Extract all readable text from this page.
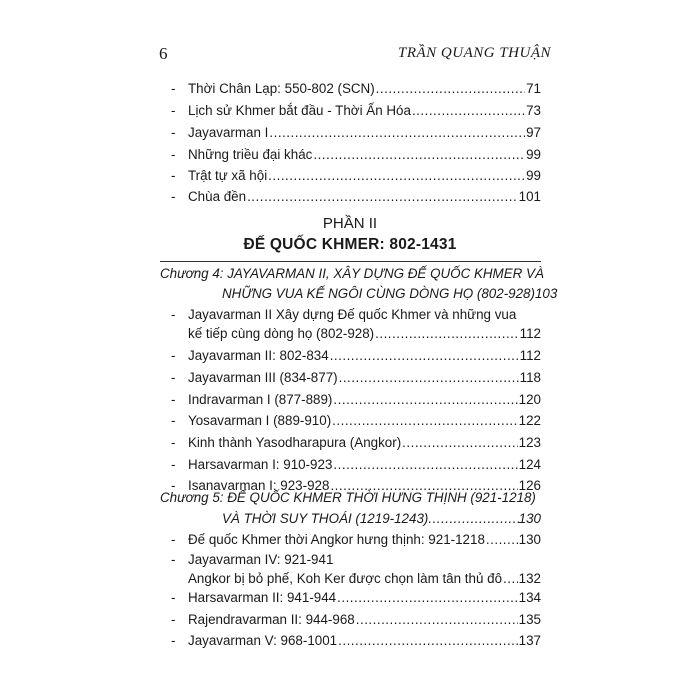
6	TRẦN QUANG THUẬN
- Thời Chân Lạp: 550-802 (SCN) .....	71
- Lịch sử Khmer bắt đầu - Thời Ấn Hóa .....	73
- Jayavarman I .....	97
- Những triều đại khác .....	99
- Trật tự xã hội .....	99
- Chùa đền .....	101
PHẦN II
ĐẾ QUỐC KHMER: 802-1431
Chương 4: JAYAVARMAN II, XÂY DỰNG ĐẾ QUỐC KHMER VÀ
NHỮNG VUA KẾ NGÔI CÙNG DÒNG HỌ (802-928) 103
- Jayavarman II Xây dựng Đế quốc Khmer và những vua
kế tiếp cùng dòng họ (802-928) .....	112
- Jayavarman II: 802-834 .....	112
- Jayavarman III (834-877) .....	118
- Indravarman I (877-889) .....	120
- Yosavarman I (889-910) .....	122
- Kinh thành Yasodharapura (Angkor) .....	123
- Harsavarman I: 910-923 .....	124
- Isanavarman I: 923-928 .....	126
Chương 5: ĐẾ QUỐC KHMER THỜI HƯNG THỊNH (921-1218)
VÀ THỜI SUY THOÁI (1219-1243) .....	130
- Đế quốc Khmer thời Angkor hưng thịnh: 921-1218 .....	130
- Jayavarman IV: 921-941
Angkor bị bỏ phế, Koh Ker được chọn làm tân thủ đô ..... 132
- Harsavarman II: 941-944 .....	134
- Rajendravarman II: 944-968 .....	135
- Jayavarman V: 968-1001 .....	137
